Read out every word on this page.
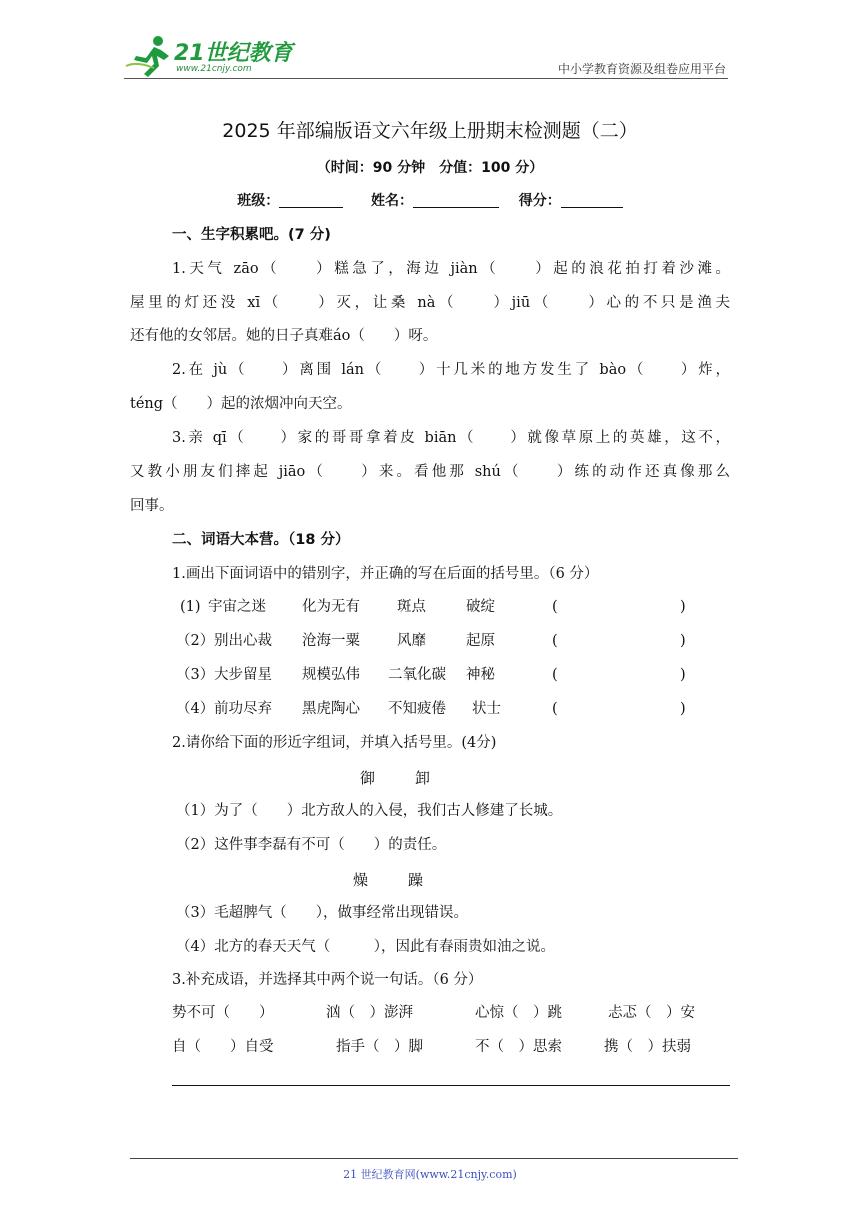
21世纪教育
www.21cnjy.com	中小学教育资源及组卷应用平台
2025 年部编版语文六年级上册期末检测题（二）
（时间：90 分钟　分值：100 分）
班级：	姓名：	得分：
一、生字积累吧。(7 分)
1.天气 zāo（　　）糕急了，海边 jiàn（　　）起的浪花拍打着沙滩。
屋里的灯还没 xī（　　）灭，让桑 nà（　　）jiū（　　）心的不只是渔夫
还有他的女邻居。她的日子真难áo（　　）呀。
2.在 jù（　　）离围 lán（　　）十几米的地方发生了 bào（　　）炸，
téng（　　）起的浓烟冲向天空。
3.亲 qī（　　）家的哥哥拿着皮 biān（　　）就像草原上的英雄，这不，
又教小朋友们摔起 jiāo（　　）来。看他那 shú（　　）练的动作还真像那么
回事。
二、词语大本营。（18 分）
1.画出下面词语中的错别字，并正确的写在后面的括号里。（6 分）
(1) 宇宙之迷 化为无有	斑点	破绽	(	)
（2） 别出心裁 沧海一粟	风靡	起原	(	)
（3） 大步留星 规模弘伟 二氧化碳 神秘	(	)
（4） 前功尽弃 黑虎陶心 不知疲倦 状士	(	)
2.请你给下面的形近字组词，并填入括号里。(4分)
御	卸
（1）为了（　　）北方敌人的入侵，我们古人修建了长城。
（2）这件事李磊有不可（　　）的责任。
燥	躁
（3）毛超脾气（　　），做事经常出现错误。
（4）北方的春天天气（　　　），因此有春雨贵如油之说。
3.补充成语，并选择其中两个说一句话。（6 分）
势不可（　　）	汹（　）澎湃	心惊（　）跳	忐忑（　）安
自（　　）自受	指手（　）脚	不（　）思索	携（　）扶弱
21 世纪教育网(www.21cnjy.com)
